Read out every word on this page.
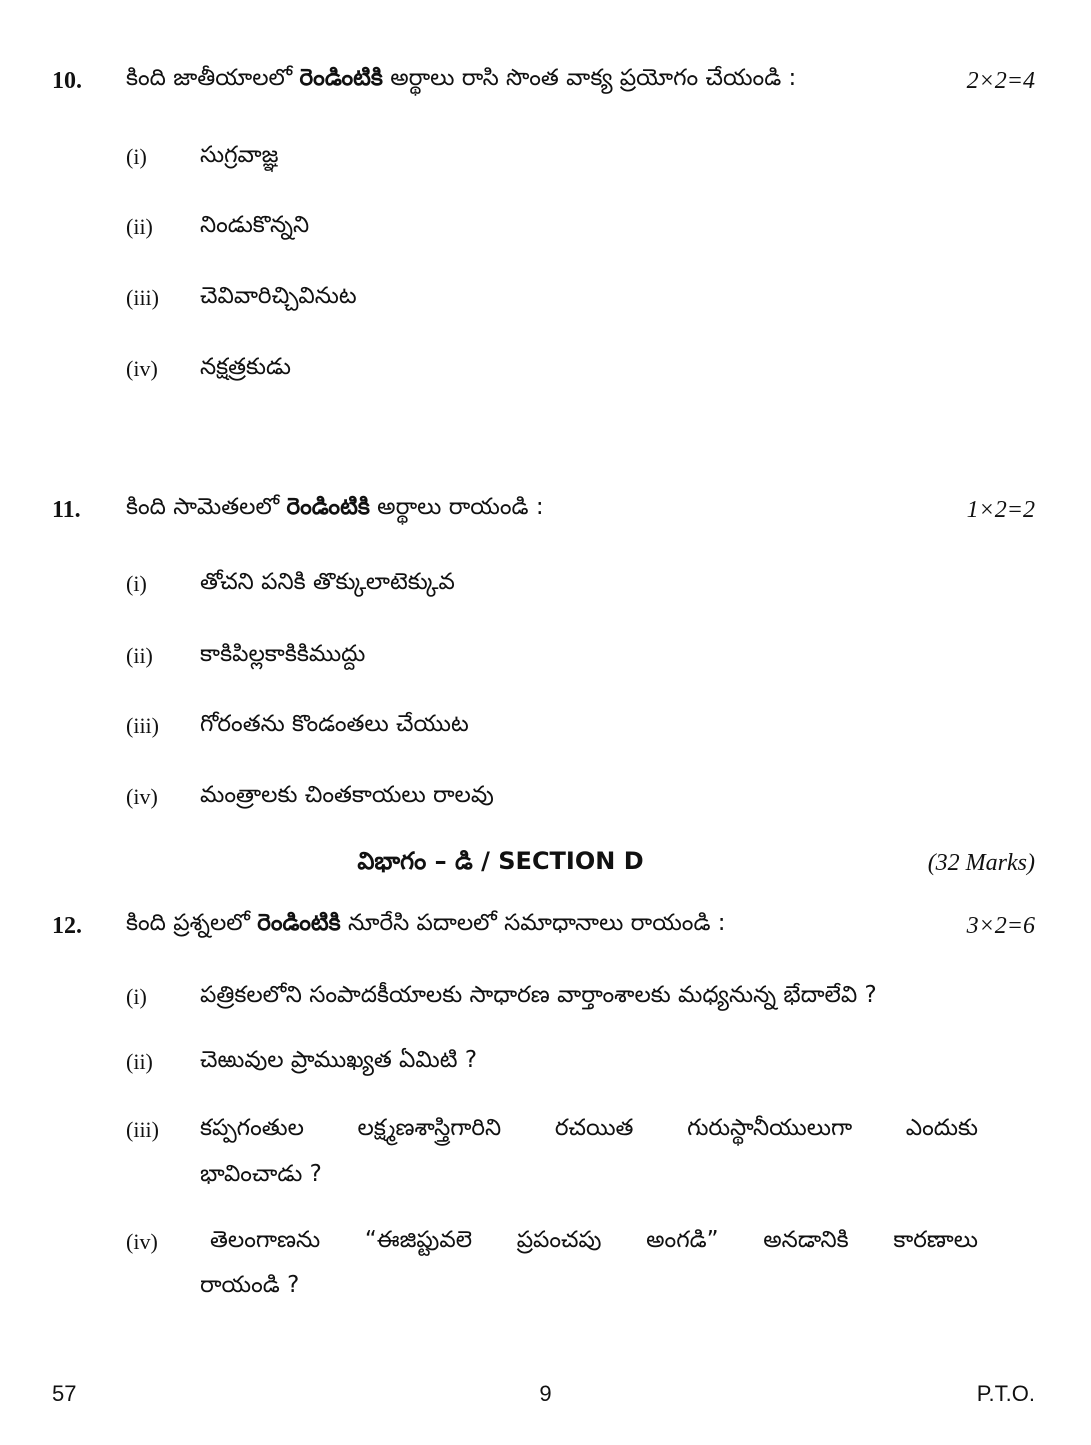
10. కింది జాతీయాలలో రెండింటికి అర్థాలు రాసి సొంత వాక్య ప్రయోగం చేయండి :	2×2=4
(i) సుగ్రవాజ్ఞ
(ii) నిండుకొన్నని
(iii) చెవివారిచ్చివినుట
(iv) నక్షత్రకుడు
11. కింది సామెతలలో రెండింటికి అర్థాలు రాయండి :	1×2=2
(i) తోచని పనికి తొక్కులాటెక్కువ
(ii) కాకిపిల్లకాకికిముద్దు
(iii) గోరంతను కొండంతలు చేయుట
(iv) మంత్రాలకు చింతకాయలు రాలవు
విభాగం – డి / SECTION D	(32 Marks)
12. కింది ప్రశ్నలలో రెండింటికి నూరేసి పదాలలో సమాధానాలు రాయండి :	3×2=6
(i) పత్రికలలోని సంపాదకీయాలకు సాధారణ వార్తాంశాలకు మధ్యనున్న భేదాలేవి ?
(ii) చెఱువుల ప్రాముఖ్యత ఏమిటి ?
(iii) కప్పగంతుల లక్ష్మణశాస్త్రిగారిని రచయిత గురుస్థానీయులుగా ఎందుకు
భావించాడు ?
(iv) తెలంగాణను “ఈజిప్టువలె ప్రపంచపు అంగడి” అనడానికి కారణాలు
రాయండి ?
57	9	P.T.O.
